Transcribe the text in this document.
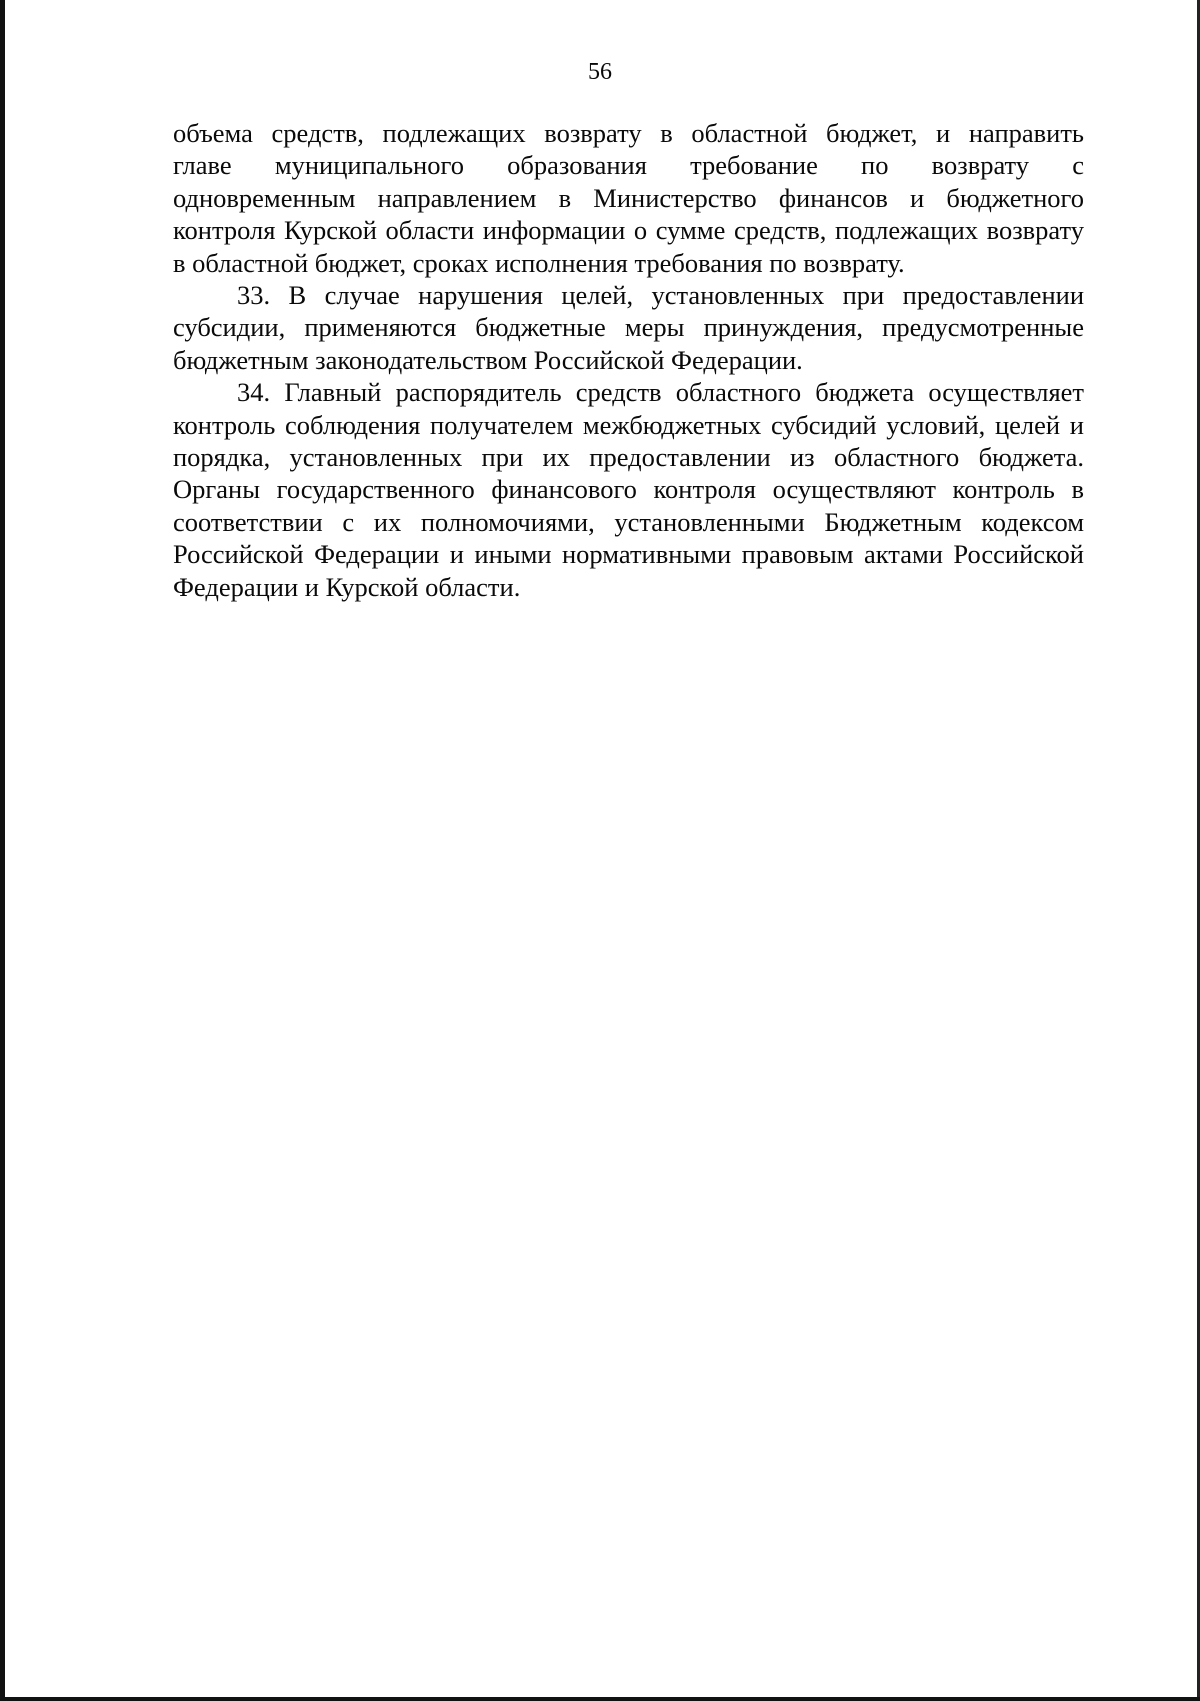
56

объема средств, подлежащих возврату в областной бюджет, и направить
главе муниципального образования требование по возврату с
одновременным направлением в Министерство финансов и бюджетного контроля Курской области информации о сумме средств, подлежащих возврату в областной бюджет, сроках исполнения требования по возврату.

33. В случае нарушения целей, установленных при предоставлении субсидии, применяются бюджетные меры принуждения, предусмотренные бюджетным законодательством Российской Федерации.

34. Главный распорядитель средств областного бюджета осуществляет контроль соблюдения получателем межбюджетных субсидий условий, целей и порядка, установленных при их предоставлении из областного бюджета. Органы государственного финансового контроля осуществляют контроль в соответствии с их полномочиями, установленными Бюджетным кодексом Российской Федерации и иными нормативными правовым актами Российской Федерации и Курской области.
